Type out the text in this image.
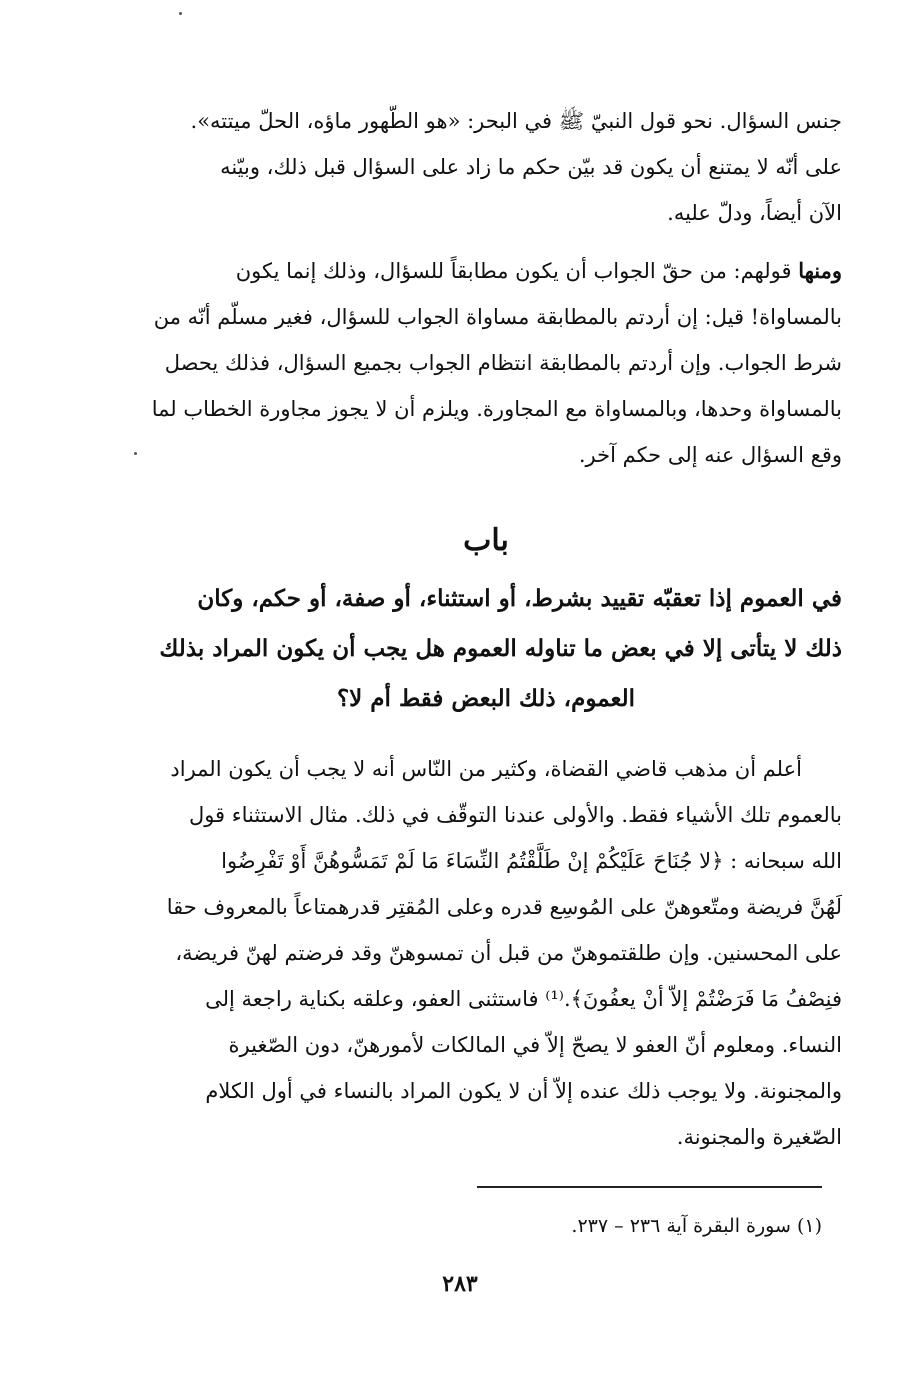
جنس السؤال. نحو قول النبيّ ﷺ في البحر: «هو الطّهور ماؤه، الحلّ ميتته».
على أنّه لا يمتنع أن يكون قد بيّن حكم ما زاد على السؤال قبل ذلك، وبيّنه
الآن أيضاً، ودلّ عليه.

ومنها قولهم: من حقّ الجواب أن يكون مطابقاً للسؤال، وذلك إنما يكون
بالمساواة! قيل: إن أردتم بالمطابقة مساواة الجواب للسؤال، فغير مسلّم أنّه من
شرط الجواب. وإن أردتم بالمطابقة انتظام الجواب بجميع السؤال، فذلك يحصل
بالمساواة وحدها، وبالمساواة مع المجاورة. ويلزم أن لا يجوز مجاورة الخطاب لما
وقع السؤال عنه إلى حكم آخر.

باب
في العموم إذا تعقبّه تقييد بشرط، أو استثناء، أو صفة، أو حكم، وكان
ذلك لا يتأتى إلا في بعض ما تناوله العموم هل يجب أن يكون المراد بذلك
العموم، ذلك البعض فقط أم لا؟

أعلم أن مذهب قاضي القضاة، وكثير من النّاس أنه لا يجب أن يكون المراد
بالعموم تلك الأشياء فقط. والأولى عندنا التوقّف في ذلك. مثال الاستثناء قول
الله سبحانه : ﴿لا جُنَاحَ عَلَيْكُمْ إنْ طَلَّقْتُمُ النِّسَاءَ مَا لَمْ تَمَسُّوهُنَّ أَوْ تَفْرِضُوا
لَهُنَّ فريضة ومتّعوهنّ على المُوسِع قدره وعلى المُقتِر قدرهمتاعاً بالمعروف حقا
على المحسنين. وإن طلقتموهنّ من قبل أن تمسوهنّ وقد فرضتم لهنّ فريضة،
فنِصْفُ مَا فَرَضْتُمْ إلاّ أنْ يعفُونَ﴾.⁽¹⁾ فاستثنى العفو، وعلقه بكناية راجعة إلى
النساء. ومعلوم أنّ العفو لا يصحّ إلاّ في المالكات لأمورهنّ، دون الصّغيرة
والمجنونة. ولا يوجب ذلك عنده إلاّ أن لا يكون المراد بالنساء في أول الكلام
الصّغيرة والمجنونة.

(١) سورة البقرة آية ٢٣٦ – ٢٣٧.
٢٨٣
